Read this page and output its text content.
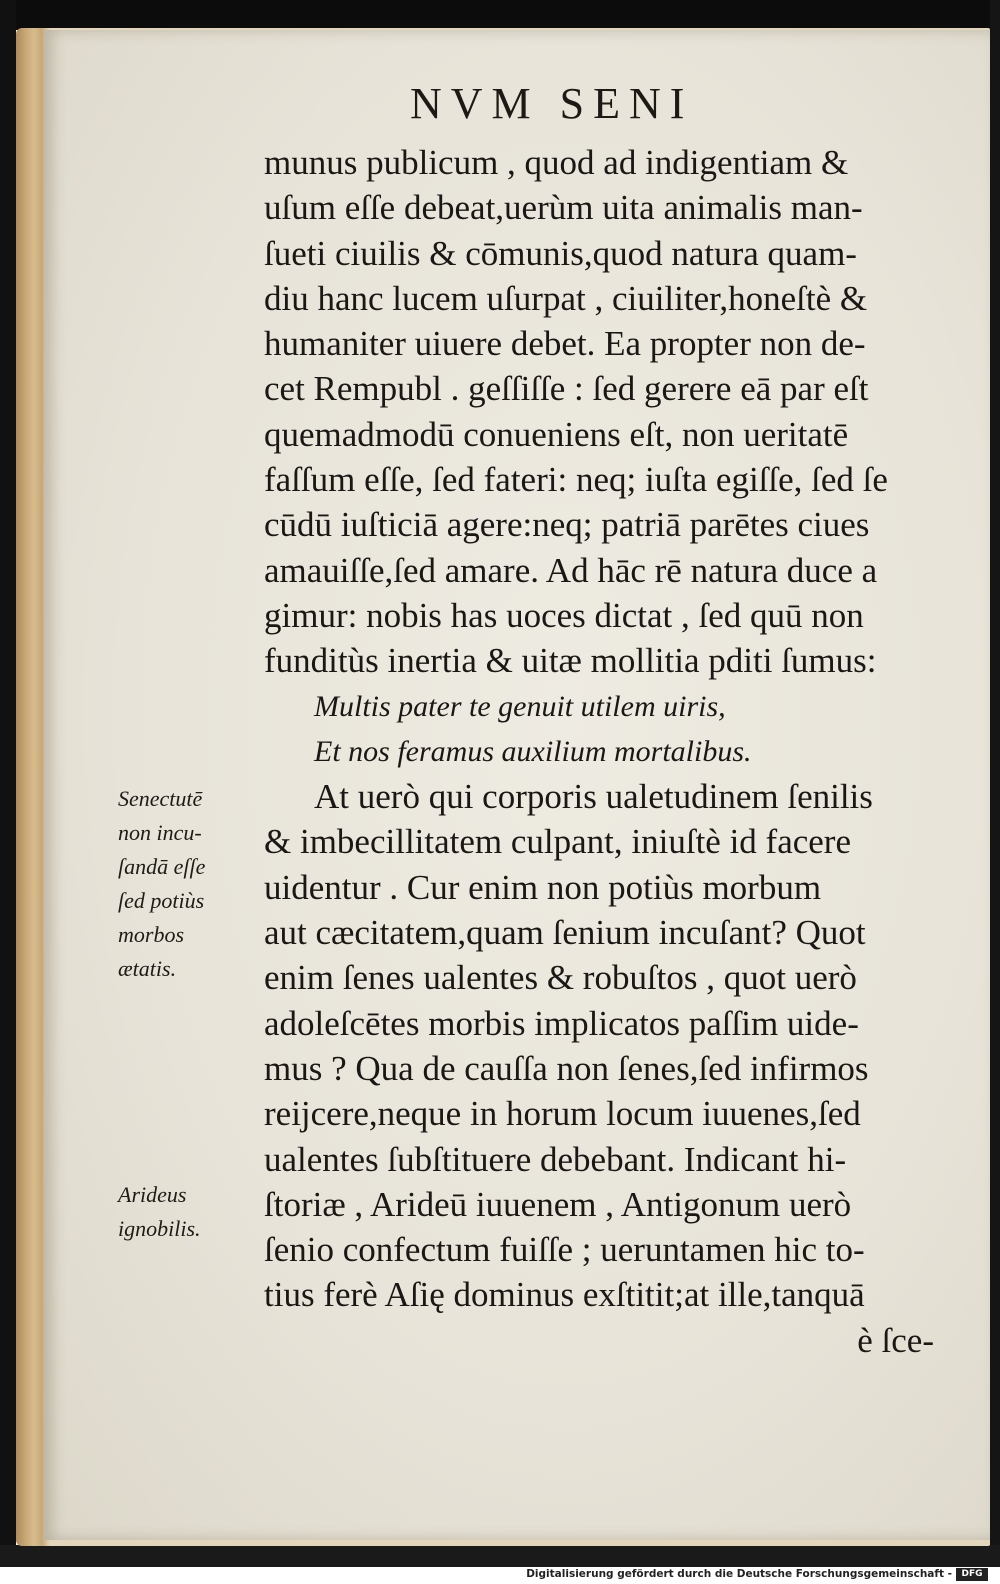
NVM SENI
munus publicum , quod ad indigentiam &
uſum eſſe debeat,uerùm uita animalis man-
ſueti ciuilis & cōmunis,quod natura quam-
diu hanc lucem uſurpat , ciuiliter,honeſtè &
humaniter uiuere debet. Ea propter non de-
cet Rempubl . geſſiſſe : ſed gerere eā par eſt
quemadmodū conueniens eſt, non ueritatē
faſſum eſſe, ſed fateri: neq; iuſta egiſſe, ſed ſe
cūdū iuſticiā agere:neq; patriā parētes ciues
amauiſſe,ſed amare. Ad hāc rē natura duce a
gimur: nobis has uoces dictat , ſed quū non
funditùs inertia & uitæ mollitia pditi ſumus:
Multis pater te genuit utilem uiris,
Et nos feramus auxilium mortalibus.
At uerò qui corporis ualetudinem ſenilis
& imbecillitatem culpant, iniuſtè id facere
uidentur . Cur enim non potiùs morbum
aut cæcitatem,quam ſenium incuſant? Quot
enim ſenes ualentes & robuſtos , quot uerò
adoleſcētes morbis implicatos paſſim uide-
mus ? Qua de cauſſa non ſenes,ſed infirmos
reijcere,neque in horum locum iuuenes,ſed
ualentes ſubſtituere debebant. Indicant hi-
ſtoriæ , Arideū iuuenem , Antigonum uerò
ſenio confectum fuiſſe ; ueruntamen hic to-
tius ferè Aſię dominus exſtitit;at ille,tanquā
è ſce-
Senectutē
non incu-
ſandā eſſe
ſed potiùs
morbos
ætatis.
Arideus
ignobilis.
Digitalisierung gefördert durch die Deutsche Forschungsgemeinschaft -	DFG
